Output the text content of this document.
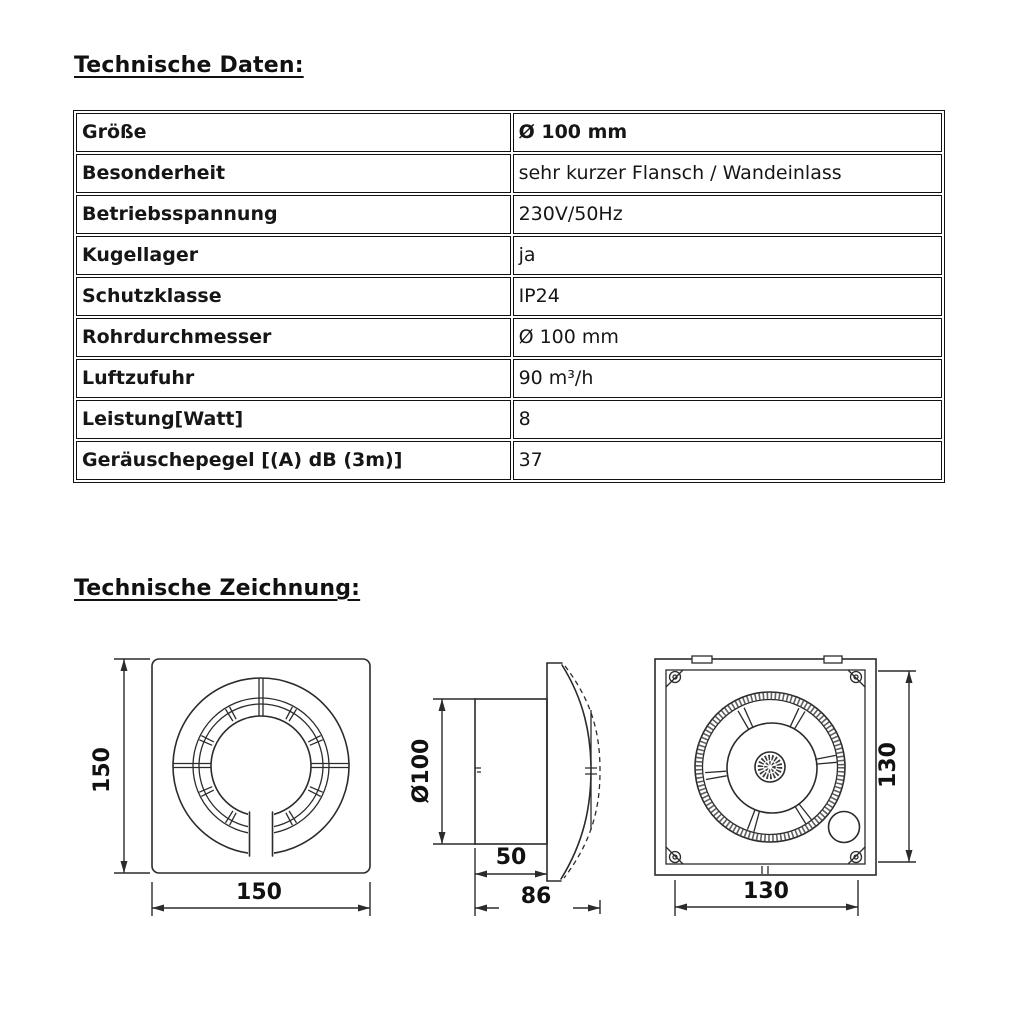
Technische Daten:
Größe	Ø 100 mm
Besonderheit	sehr kurzer Flansch / Wandeinlass
Betriebsspannung	230V/50Hz
Kugellager	ja
Schutzklasse	IP24
Rohrdurchmesser	Ø 100 mm
Luftzufuhr	90 m³/h
Leistung[Watt]	8
Geräuschepegel [(A) dB (3m)]	37
Technische Zeichnung:
150
150
Ø100
50
86
130
130
